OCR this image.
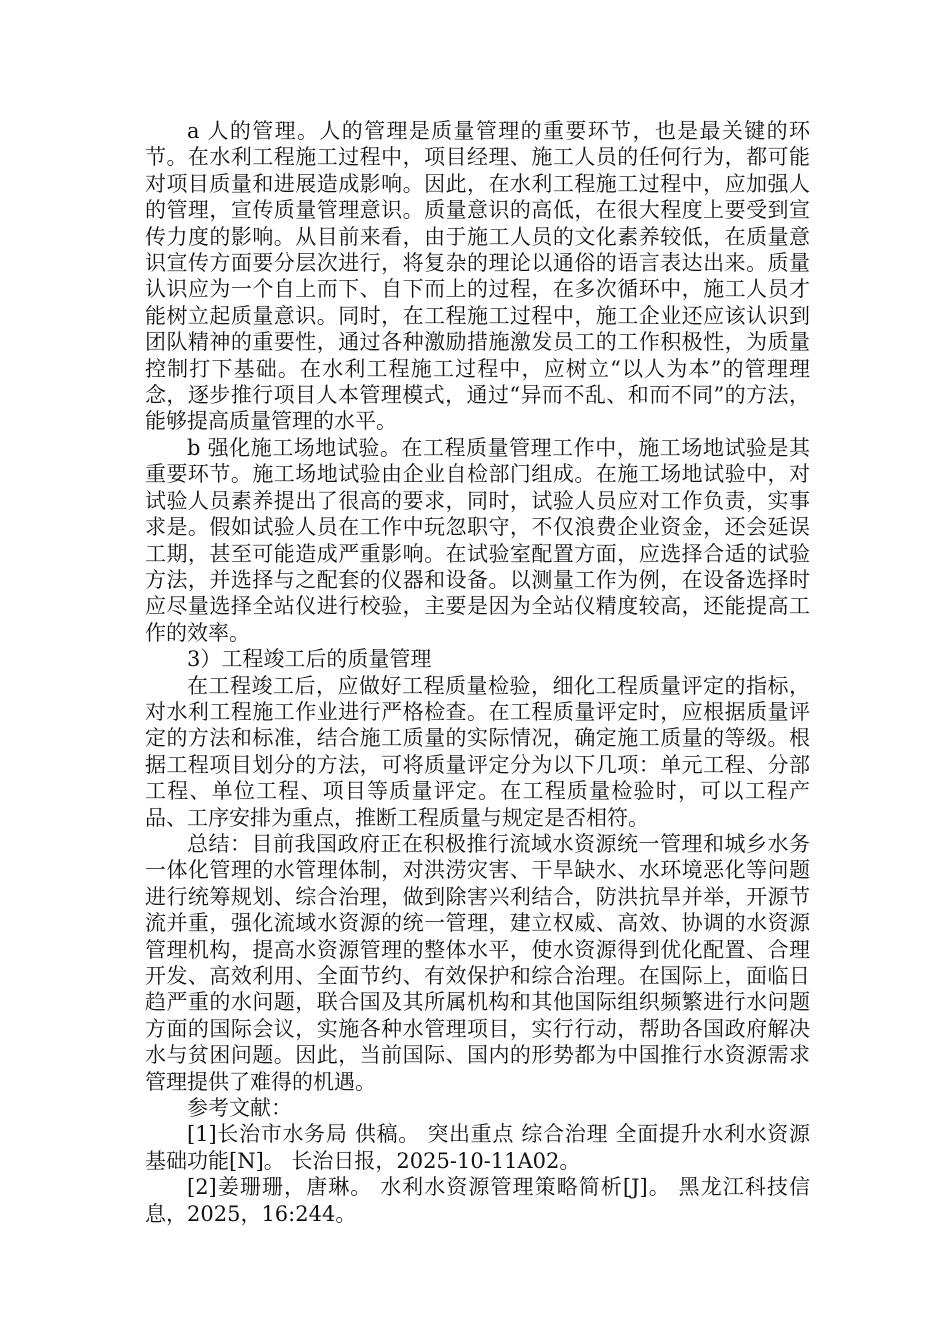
a 人的管理。人的管理是质量管理的重要环节，也是最关键的环节。在水利工程施工过程中，项目经理、施工人员的任何行为，都可能对项目质量和进展造成影响。因此，在水利工程施工过程中，应加强人的管理，宣传质量管理意识。质量意识的高低，在很大程度上要受到宣传力度的影响。从目前来看，由于施工人员的文化素养较低，在质量意识宣传方面要分层次进行，将复杂的理论以通俗的语言表达出来。质量认识应为一个自上而下、自下而上的过程，在多次循环中，施工人员才能树立起质量意识。同时，在工程施工过程中，施工企业还应该认识到团队精神的重要性，通过各种激励措施激发员工的工作积极性，为质量控制打下基础。在水利工程施工过程中，应树立“以人为本”的管理理念，逐步推行项目人本管理模式，通过“异而不乱、和而不同”的方法，能够提高质量管理的水平。

b 强化施工场地试验。在工程质量管理工作中，施工场地试验是其重要环节。施工场地试验由企业自检部门组成。在施工场地试验中，对试验人员素养提出了很高的要求，同时，试验人员应对工作负责，实事求是。假如试验人员在工作中玩忽职守，不仅浪费企业资金，还会延误工期，甚至可能造成严重影响。在试验室配置方面，应选择合适的试验方法，并选择与之配套的仪器和设备。以测量工作为例，在设备选择时应尽量选择全站仪进行校验，主要是因为全站仪精度较高，还能提高工作的效率。

3）工程竣工后的质量管理

在工程竣工后，应做好工程质量检验，细化工程质量评定的指标，对水利工程施工作业进行严格检查。在工程质量评定时，应根据质量评定的方法和标准，结合施工质量的实际情况，确定施工质量的等级。根据工程项目划分的方法，可将质量评定分为以下几项：单元工程、分部工程、单位工程、项目等质量评定。在工程质量检验时，可以工程产品、工序安排为重点，推断工程质量与规定是否相符。

总结：目前我国政府正在积极推行流域水资源统一管理和城乡水务一体化管理的水管理体制，对洪涝灾害、干旱缺水、水环境恶化等问题进行统筹规划、综合治理，做到除害兴利结合，防洪抗旱并举，开源节流并重，强化流域水资源的统一管理，建立权威、高效、协调的水资源管理机构，提高水资源管理的整体水平，使水资源得到优化配置、合理开发、高效利用、全面节约、有效保护和综合治理。在国际上，面临日趋严重的水问题，联合国及其所属机构和其他国际组织频繁进行水问题方面的国际会议，实施各种水管理项目，实行行动，帮助各国政府解决水与贫困问题。因此，当前国际、国内的形势都为中国推行水资源需求管理提供了难得的机遇。

参考文献：

[1]长治市水务局 供稿。 突出重点 综合治理 全面提升水利水资源基础功能[N]。 长治日报，2025-10-11A02。

[2]姜珊珊，唐琳。 水利水资源管理策略简析[J]。 黑龙江科技信息，2025，16:244。
